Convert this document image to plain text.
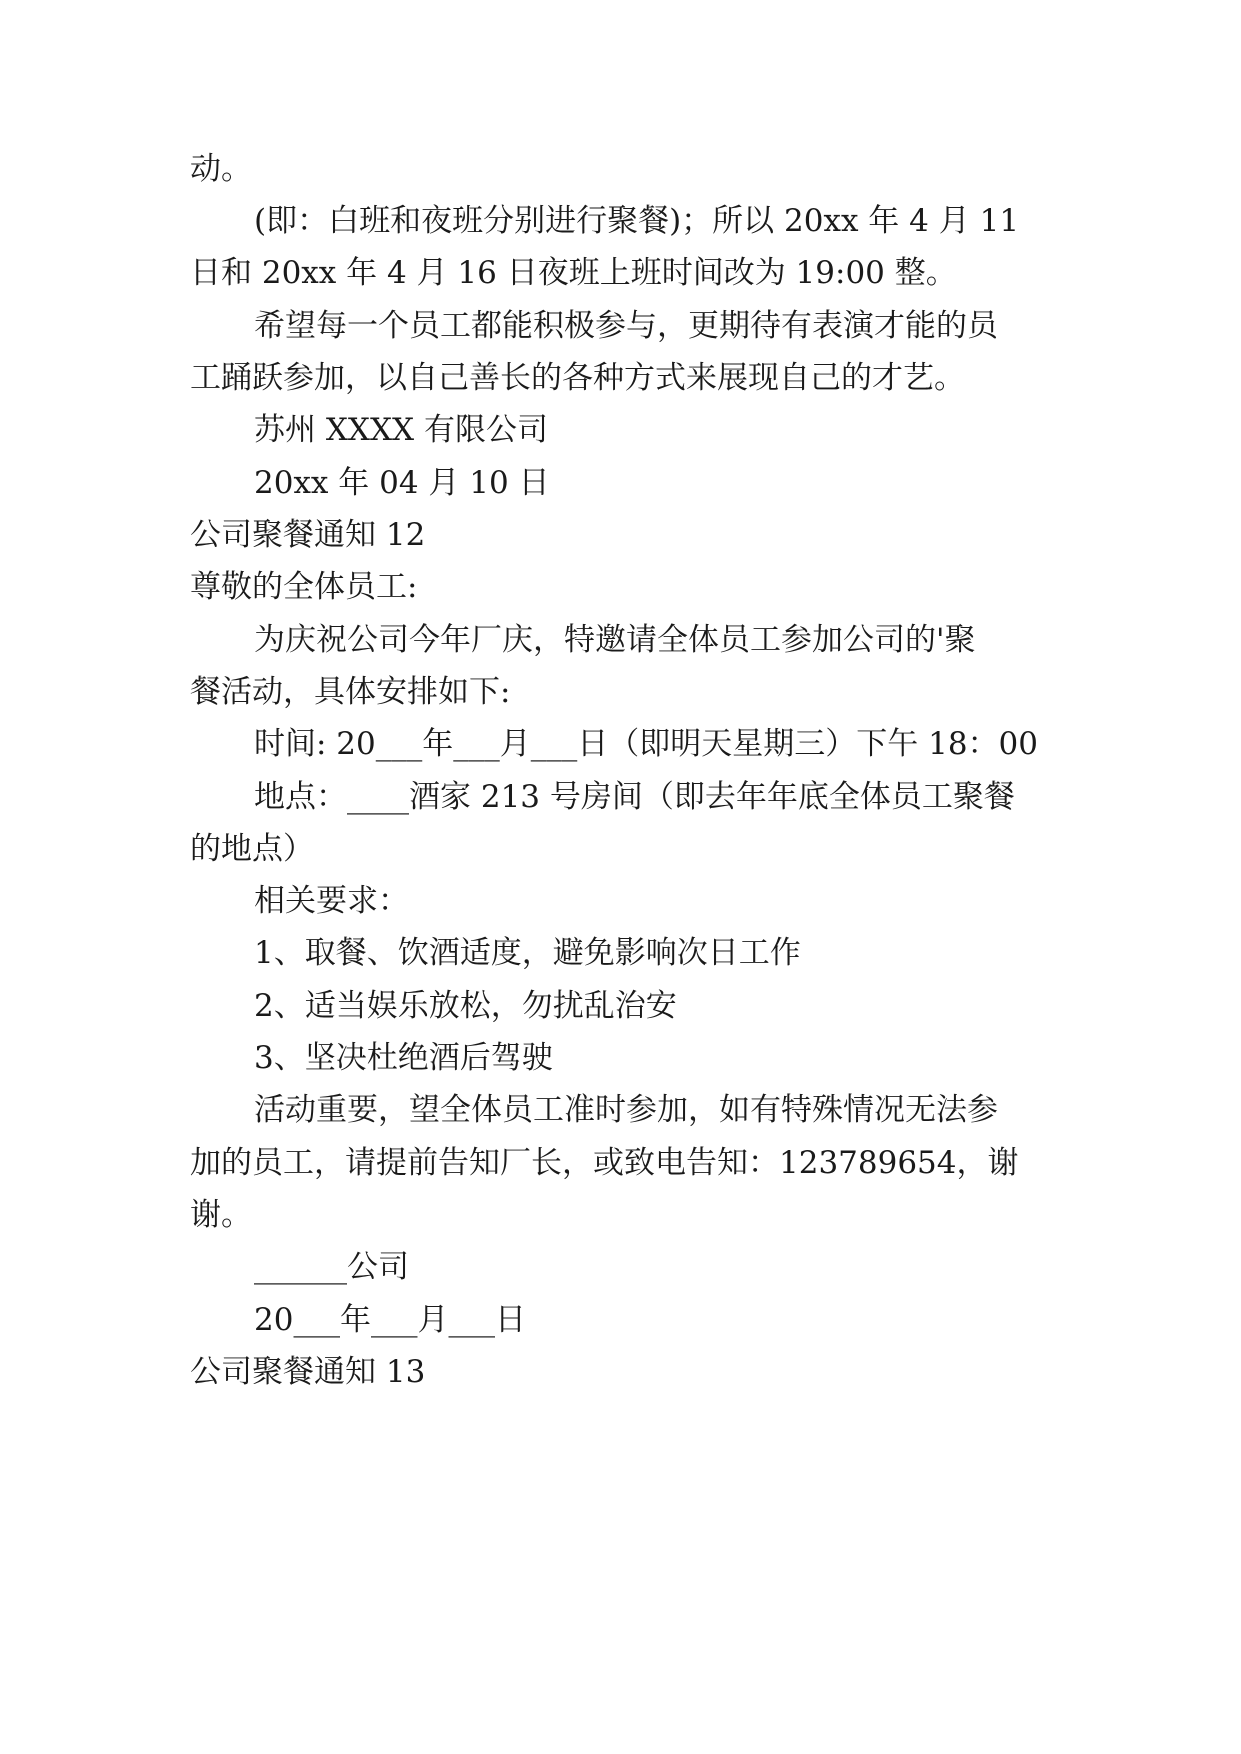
动。

(即：白班和夜班分别进行聚餐)；所以 20xx 年 4 月 11

日和 20xx 年 4 月 16 日夜班上班时间改为 19:00 整。

希望每一个员工都能积极参与，更期待有表演才能的员

工踊跃参加，以自己善长的各种方式来展现自己的才艺。

苏州 XXXX 有限公司

20xx 年 04 月 10 日

公司聚餐通知 12

尊敬的全体员工:

为庆祝公司今年厂庆，特邀请全体员工参加公司的'聚

餐活动，具体安排如下:

时间: 20___年___月___日（即明天星期三）下午 18：00

地点：____酒家 213 号房间（即去年年底全体员工聚餐

的地点）

相关要求：

1、取餐、饮酒适度，避免影响次日工作

2、适当娱乐放松，勿扰乱治安

3、坚决杜绝酒后驾驶

活动重要，望全体员工准时参加，如有特殊情况无法参

加的员工，请提前告知厂长，或致电告知：123789654，谢

谢。

______公司

20___年___月___日

公司聚餐通知 13
